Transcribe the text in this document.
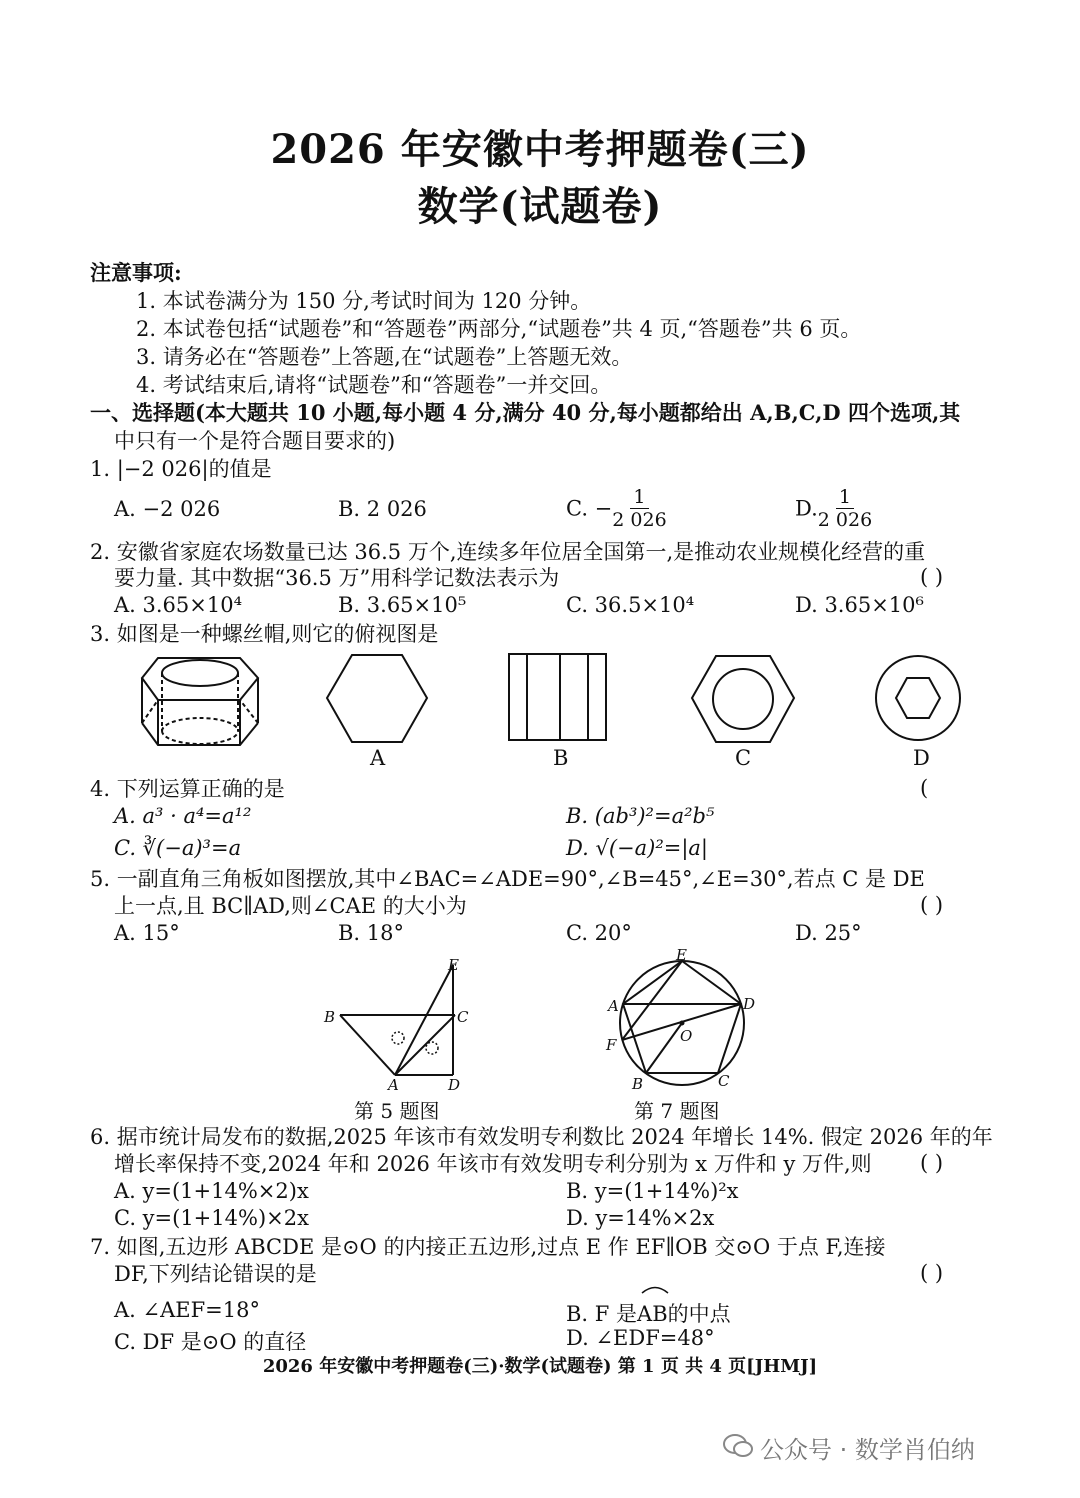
2026 年安徽中考押题卷(三)
数学(试题卷)
注意事项:
1. 本试卷满分为 150 分,考试时间为 120 分钟。
2. 本试卷包括“试题卷”和“答题卷”两部分,“试题卷”共 4 页,“答题卷”共 6 页。
3. 请务必在“答题卷”上答题,在“试题卷”上答题无效。
4. 考试结束后,请将“试题卷”和“答题卷”一并交回。
一、选择题(本大题共 10 小题,每小题 4 分,满分 40 分,每小题都给出 A,B,C,D 四个选项,其
中只有一个是符合题目要求的)
1. |−2 026|的值是
A. −2 026	B. 2 026	C. − $\frac{1}{2 026}$	D. $\frac{1}{2 026}$
2. 安徽省家庭农场数量已达 36.5 万个,连续多年位居全国第一,是推动农业规模化经营的重
要力量. 其中数据“36.5 万”用科学记数法表示为	( )
A. 3.65×10⁴	B. 3.65×10⁵	C. 36.5×10⁴	D. 3.65×10⁶
3. 如图是一种螺丝帽,则它的俯视图是
A	B	C	D
4. 下列运算正确的是	(
A. a³ · a⁴=a¹²	B. (ab³)²=a²b⁵
C. ∛(−a)³=a	D. √(−a)²=|a|
5. 一副直角三角板如图摆放,其中∠BAC=∠ADE=90°,∠B=45°,∠E=30°,若点 C 是 DE
上一点,且 BC∥AD,则∠CAE 的大小为	( )
A. 15°	B. 18°	C. 20°	D. 25°
E
B	C
A	D
第 5 题图
E
A	D
O
F
B	C
第 7 题图
6. 据市统计局发布的数据,2025 年该市有效发明专利数比 2024 年增长 14%. 假定 2026 年的年
增长率保持不变,2024 年和 2026 年该市有效发明专利分别为 x 万件和 y 万件,则 ( )
A. y=(1+14%×2)x	B. y=(1+14%)²x
C. y=(1+14%)×2x	D. y=14%×2x
7. 如图,五边形 ABCDE 是⊙O 的内接正五边形,过点 E 作 EF∥OB 交⊙O 于点 F,连接
DF,下列结论错误的是	( )
A. ∠AEF=18°	B. F 是AB的中点
C. DF 是⊙O 的直径	D. ∠EDF=48°
2026 年安徽中考押题卷(三)·数学(试题卷) 第 1 页 共 4 页[JHMJ]
公众号 · 数学肖伯纳
